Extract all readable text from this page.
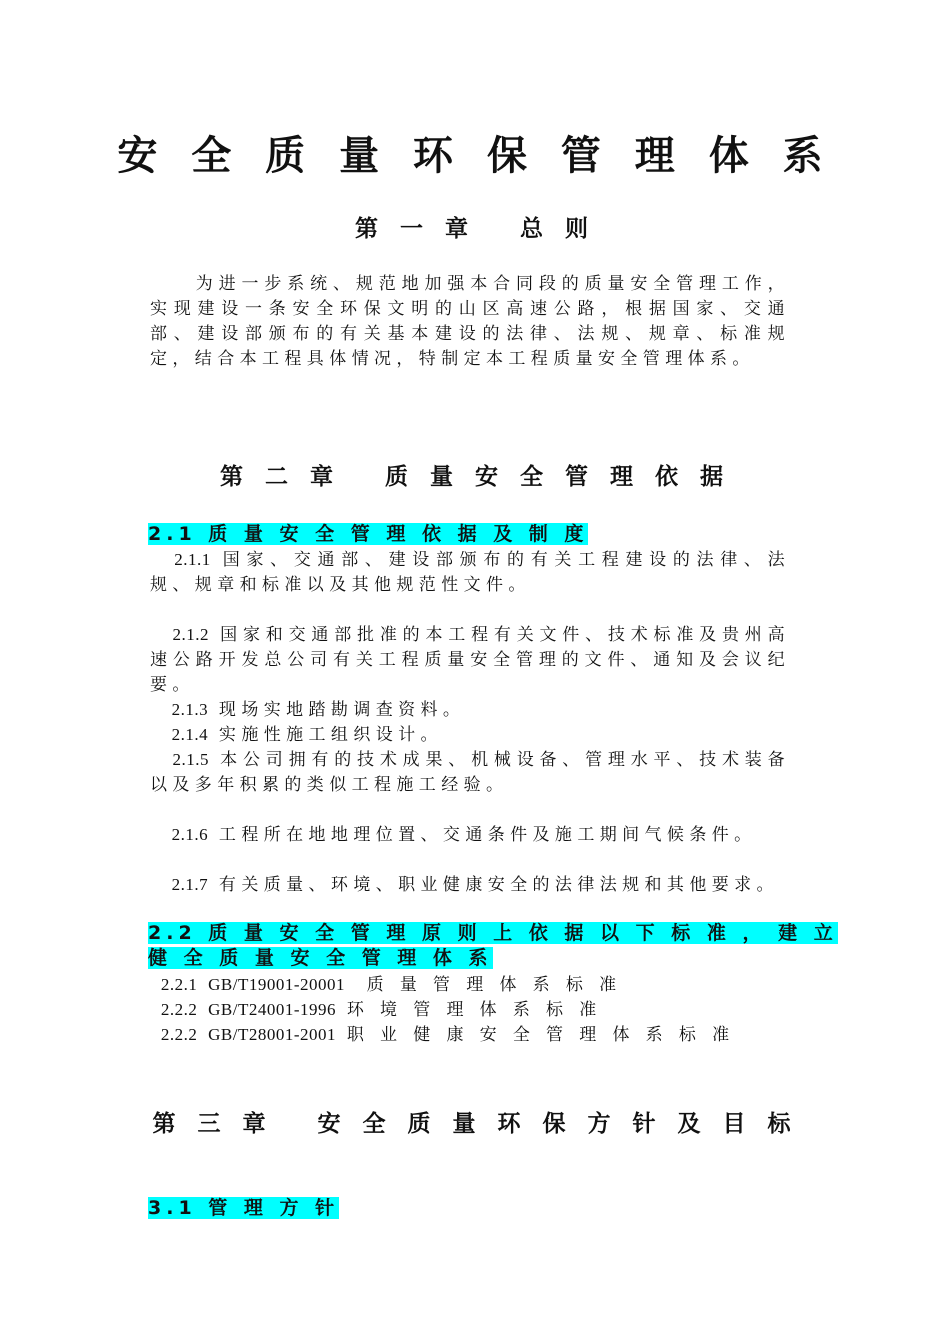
安 全 质 量 环 保 管 理 体 系
第 一 章　 总 则
　　为进一步系统、规范地加强本合同段的质量安全管理工作，实现建设一条安全环保文明的山区高速公路，根据国家、交通部、建设部颁布的有关基本建设的法律、法规、规章、标准规定，结合本工程具体情况，特制定本工程质量安全管理体系。
第 二 章　 质 量 安 全 管 理 依 据
2.1 质 量 安 全 管 理 依 据 及 制 度
2.1.1 国家、交通部、建设部颁布的有关工程建设的法律、法规、规章和标准以及其他规范性文件。
2.1.2 国家和交通部批准的本工程有关文件、技术标准及贵州高速公路开发总公司有关工程质量安全管理的文件、通知及会议纪要。
2.1.3 现场实地踏勘调查资料。
2.1.4 实施性施工组织设计。
2.1.5 本公司拥有的技术成果、机械设备、管理水平、技术装备以及多年积累的类似工程施工经验。
2.1.6 工程所在地地理位置、交通条件及施工期间气候条件。
2.1.7 有关质量、环境、职业健康安全的法律法规和其他要求。
2.2 质 量 安 全 管 理 原 则 上 依 据 以 下 标 准 ， 建 立
健 全 质 量 安 全 管 理 体 系
2.2.1 GB/T19001-20001 质 量 管 理 体 系 标 准
2.2.2 GB/T24001-1996 环 境 管 理 体 系 标 准
2.2.2 GB/T28001-2001 职 业 健 康 安 全 管 理 体 系 标 准
第 三 章　 安 全 质 量 环 保 方 针 及 目 标
3.1 管 理 方 针
